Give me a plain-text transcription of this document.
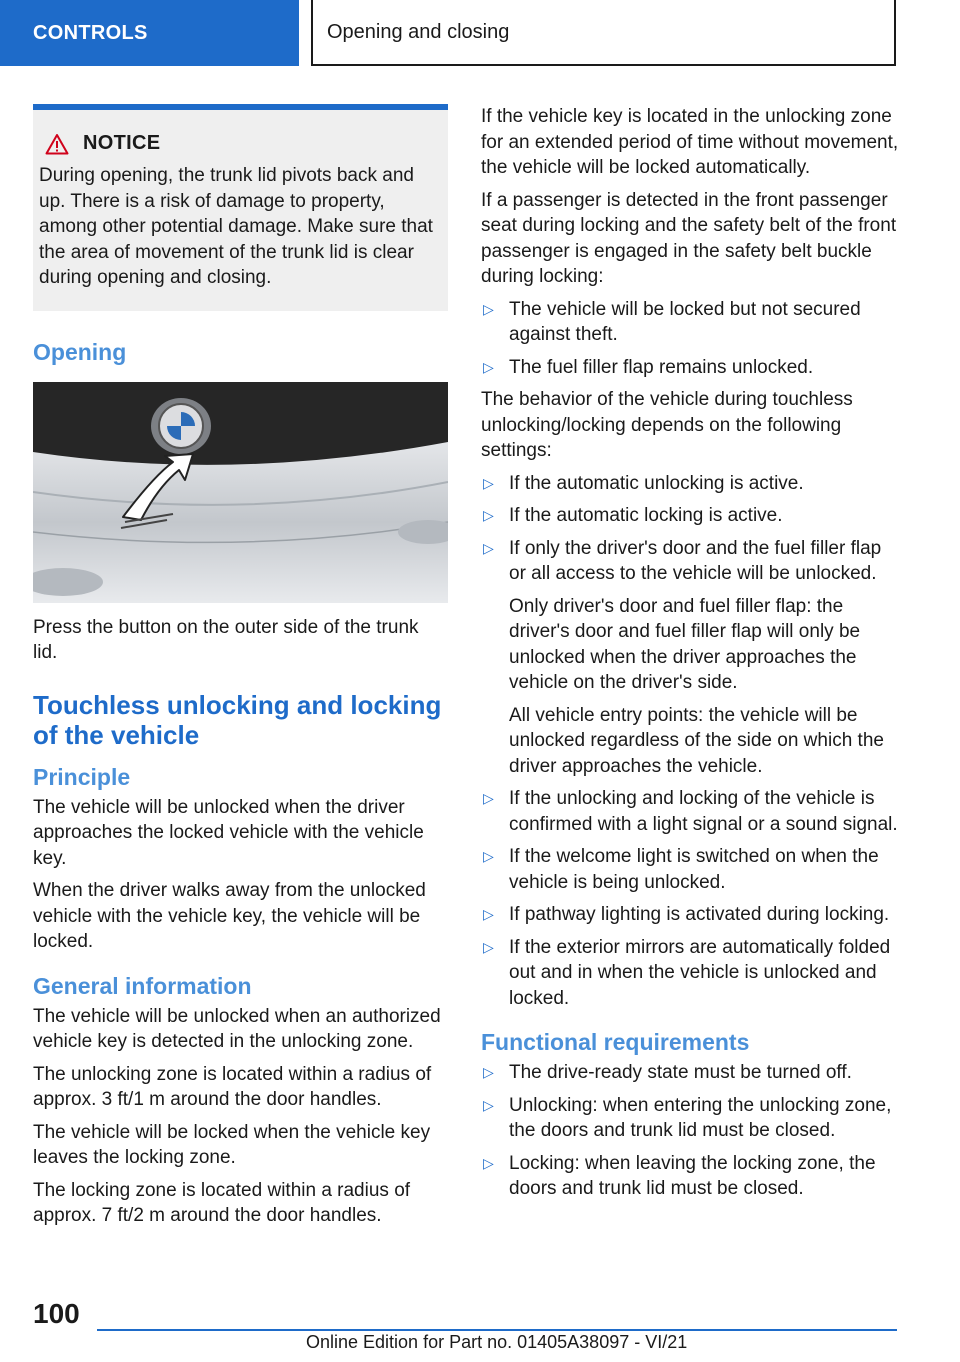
CONTROLS	Opening and closing
NOTICE
During opening, the trunk lid pivots back and up. There is a risk of damage to property, among other potential damage. Make sure that the area of movement of the trunk lid is clear during opening and closing.
Opening

Press the button on the outer side of the trunk lid.

Touchless unlocking and locking of the vehicle
Principle

The vehicle will be unlocked when the driver approaches the locked vehicle with the vehicle key.

When the driver walks away from the unlocked vehicle with the vehicle key, the vehicle will be locked.

General information

The vehicle will be unlocked when an authorized vehicle key is detected in the unlocking zone.

The unlocking zone is located within a radius of approx. 3 ft/1 m around the door handles.

The vehicle will be locked when the vehicle key leaves the locking zone.

The locking zone is located within a radius of approx. 7 ft/2 m around the door handles.

If the vehicle key is located in the unlocking zone for an extended period of time without movement, the vehicle will be locked automatically.

If a passenger is detected in the front passenger seat during locking and the safety belt of the front passenger is engaged in the safety belt buckle during locking:

▷ The vehicle will be locked but not secured against theft.
▷ The fuel filler flap remains unlocked.

The behavior of the vehicle during touchless unlocking/locking depends on the following settings:

▷ If the automatic unlocking is active.
▷ If the automatic locking is active.
▷ If only the driver's door and the fuel filler flap or all access to the vehicle will be unlocked.
Only driver's door and fuel filler flap: the driver's door and fuel filler flap will only be unlocked when the driver approaches the vehicle on the driver's side.
All vehicle entry points: the vehicle will be unlocked regardless of the side on which the driver approaches the vehicle.
▷ If the unlocking and locking of the vehicle is confirmed with a light signal or a sound signal.
▷ If the welcome light is switched on when the vehicle is being unlocked.
▷ If pathway lighting is activated during locking.
▷ If the exterior mirrors are automatically folded out and in when the vehicle is unlocked and locked.
Functional requirements
▷ The drive-ready state must be turned off.
▷ Unlocking: when entering the unlocking zone, the doors and trunk lid must be closed.
▷ Locking: when leaving the locking zone, the doors and trunk lid must be closed.
100
Online Edition for Part no. 01405A38097 - VI/21
